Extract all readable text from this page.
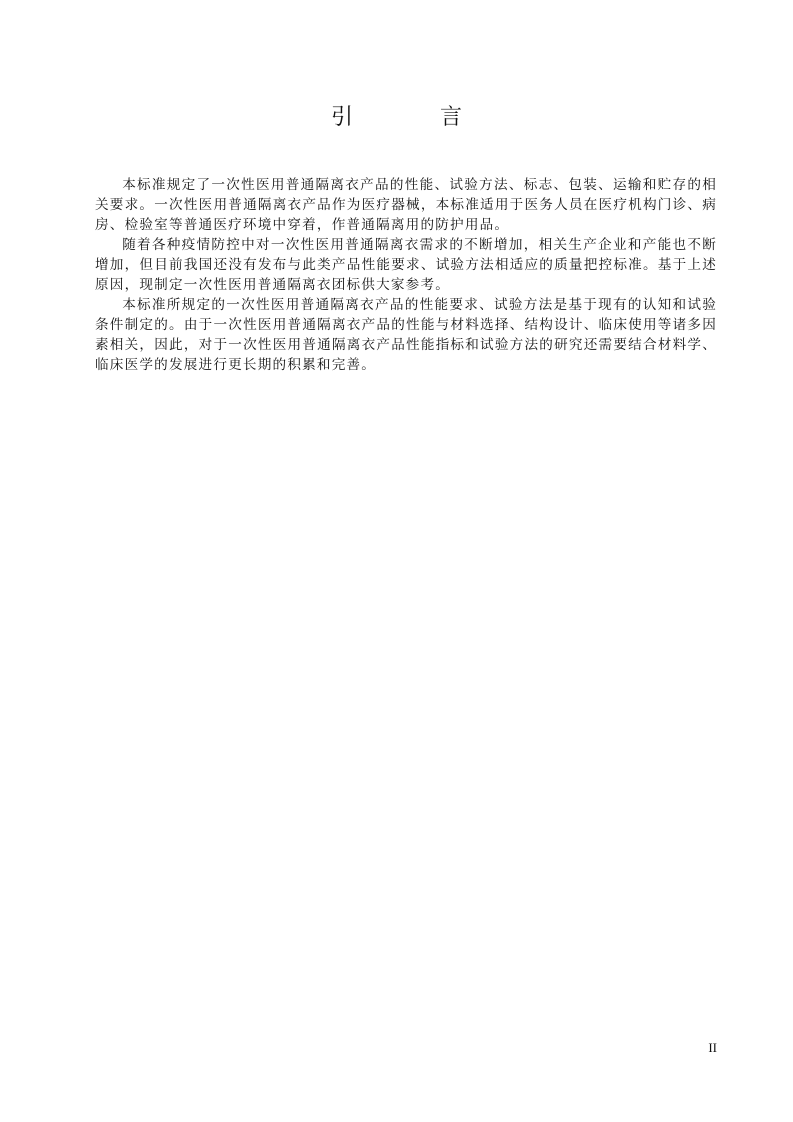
引 言

本标准规定了一次性医用普通隔离衣产品的性能、试验方法、标志、包装、运输和贮存的相关要求。一次性医用普通隔离衣产品作为医疗器械，本标准适用于医务人员在医疗机构门诊、病房、检验室等普通医疗环境中穿着，作普通隔离用的防护用品。

随着各种疫情防控中对一次性医用普通隔离衣需求的不断增加，相关生产企业和产能也不断增加，但目前我国还没有发布与此类产品性能要求、试验方法相适应的质量把控标准。基于上述原因，现制定一次性医用普通隔离衣团标供大家参考。

本标准所规定的一次性医用普通隔离衣产品的性能要求、试验方法是基于现有的认知和试验条件制定的。由于一次性医用普通隔离衣产品的性能与材料选择、结构设计、临床使用等诸多因素相关，因此，对于一次性医用普通隔离衣产品性能指标和试验方法的研究还需要结合材料学、临床医学的发展进行更长期的积累和完善。

II
